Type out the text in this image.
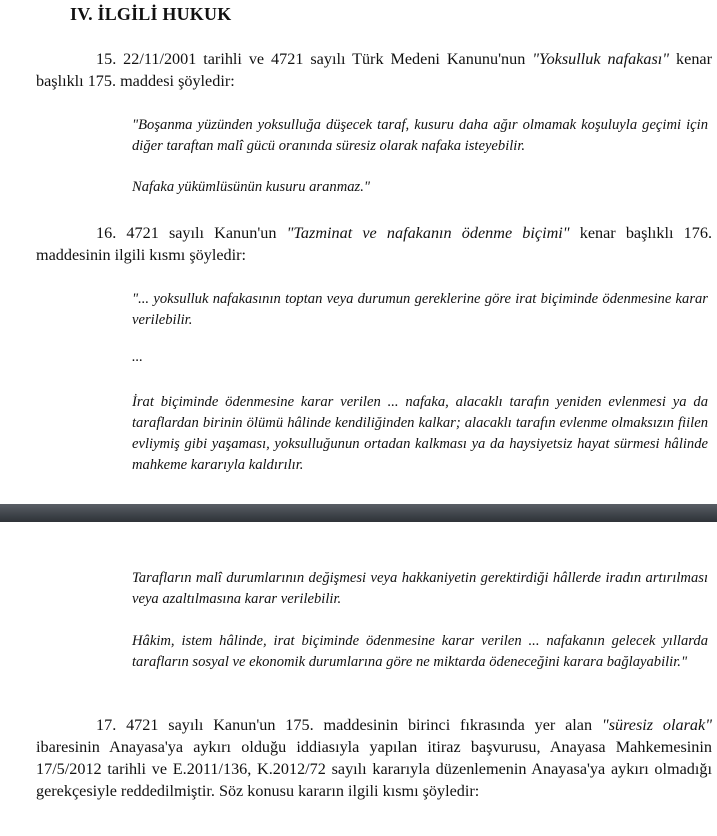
IV. İLGİLİ HUKUK
15. 22/11/2001 tarihli ve 4721 sayılı Türk Medeni Kanunu'nun "Yoksulluk nafakası" kenar başlıklı 175. maddesi şöyledir:
"Boşanma yüzünden yoksulluğa düşecek taraf, kusuru daha ağır olmamak koşuluyla geçimi için diğer taraftan malî gücü oranında süresiz olarak nafaka isteyebilir.
Nafaka yükümlüsünün kusuru aranmaz."
16. 4721 sayılı Kanun'un "Tazminat ve nafakanın ödenme biçimi" kenar başlıklı 176. maddesinin ilgili kısmı şöyledir:
"... yoksulluk nafakasının toptan veya durumun gereklerine göre irat biçiminde ödenmesine karar verilebilir.
...
İrat biçiminde ödenmesine karar verilen ... nafaka, alacaklı tarafın yeniden evlenmesi ya da taraflardan birinin ölümü hâlinde kendiliğinden kalkar; alacaklı tarafın evlenme olmaksızın fiilen evliymiş gibi yaşaması, yoksulluğunun ortadan kalkması ya da haysiyetsiz hayat sürmesi hâlinde mahkeme kararıyla kaldırılır.
Tarafların malî durumlarının değişmesi veya hakkaniyetin gerektirdiği hâllerde iradın artırılması veya azaltılmasına karar verilebilir.
Hâkim, istem hâlinde, irat biçiminde ödenmesine karar verilen ... nafakanın gelecek yıllarda tarafların sosyal ve ekonomik durumlarına göre ne miktarda ödeneceğini karara bağlayabilir."
17. 4721 sayılı Kanun'un 175. maddesinin birinci fıkrasında yer alan "süresiz olarak" ibaresinin Anayasa'ya aykırı olduğu iddiasıyla yapılan itiraz başvurusu, Anayasa Mahkemesinin 17/5/2012 tarihli ve E.2011/136, K.2012/72 sayılı kararıyla düzenlemenin Anayasa'ya aykırı olmadığı gerekçesiyle reddedilmiştir. Söz konusu kararın ilgili kısmı şöyledir:
